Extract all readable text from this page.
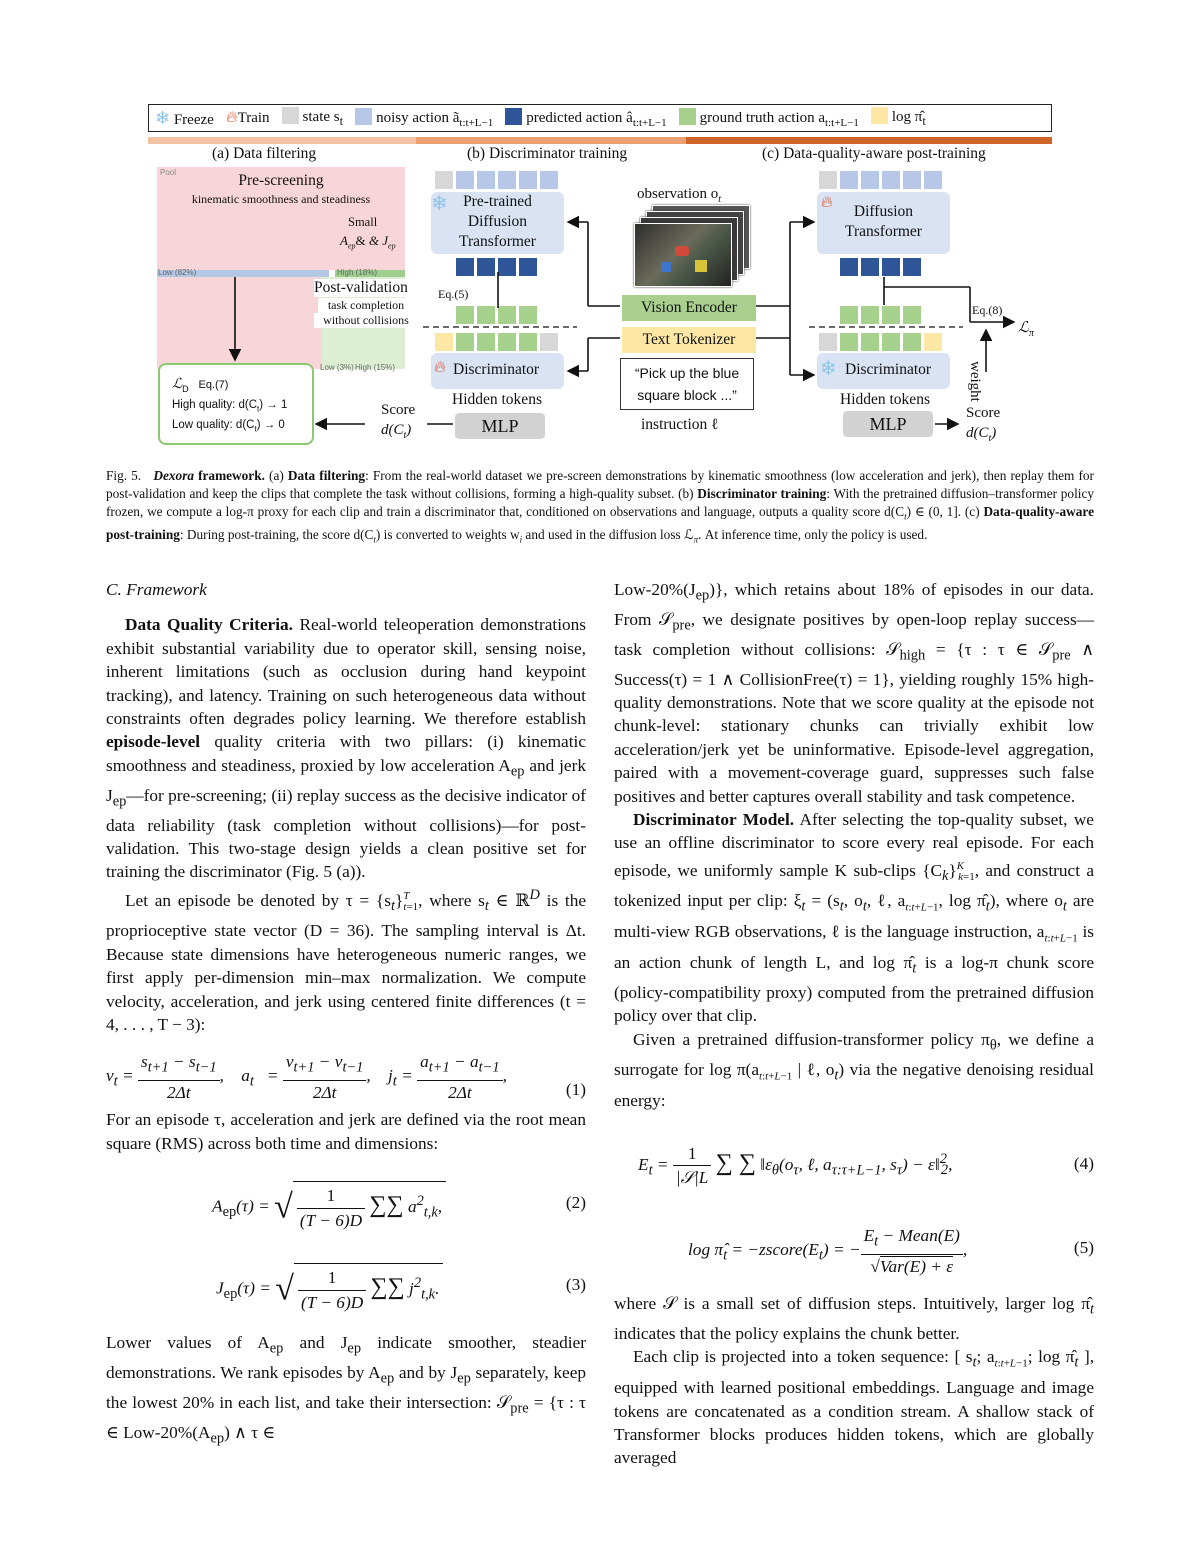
❄ Freeze 🔥︎Train	state $s_t$	noisy action $ã_{t:t+L-1}$	predicted action $â_{t:t+L-1}$	ground truth action $a_{t:t+L-1}$	$\log \pî_t$
(a) Data filtering	(b) Discriminator training	(c) Data-quality-aware post-training
Pool	Pre-screening
kinematic smoothness and steadiness
Small
$A_{ep}\&$ & $J_{ep}$
Low (82%)	High (18%)
Post-validation
task completion
without collisions
Low (3%) High (15%)
ℒ$_D$ Eq.(7)
High quality: $d(C_t) \to 1$
Low quality: $d(C_t) \to 0$
Score
$d(C_t)$
❄ Pre-trained
Diffusion
Transformer
🔥︎ Discriminator
Hidden tokens
MLP
Eq.(5)
observation $o_t$
Vision Encoder
Text Tokenizer
“Pick up the blue square block ...”
instruction ℓ
🔥︎
Diffusion
Transformer
❄ Discriminator
Hidden tokens
MLP
Eq.(8)
ℒ$_\pi$
weight
Score
$d(C_t)$
Fig. 5. Dexora framework. (a) Data filtering: From the real-world dataset we pre-screen demonstrations by kinematic smoothness (low acceleration and jerk), then replay them for post-validation and keep the clips that complete the task without collisions, forming a high-quality subset. (b) Discriminator training: With the pretrained diffusion–transformer policy frozen, we compute a log-π proxy for each clip and train a discriminator that, conditioned on observations and language, outputs a quality score $d(C_t)$ ∈ (0, 1]. (c) Data-quality-aware post-training: During post-training, the score $d(C_t)$ is converted to weights $w_i$ and used in the diffusion loss ℒ$_\pi$. At inference time, only the policy is used.
C. Framework

Data Quality Criteria. Real-world teleoperation demonstrations exhibit substantial variability due to operator skill, sensing noise, inherent limitations (such as occlusion during hand keypoint tracking), and latency. Training on such heterogeneous data without constraints often degrades policy learning. We therefore establish episode-level quality criteria with two pillars: (i) kinematic smoothness and steadiness, proxied by low acceleration $A_{ep}$ and jerk $J_{ep}—for$ pre-screening; (ii) replay success as the decisive indicator of data reliability (task completion without collisions)—for post-validation. This two-stage design yields a clean positive set for training the discriminator (Fig. 5 (a)).

Let an episode be denoted by $\tau = \{s_t\}^T_{t=1}$, where $s_t$ ∈ ℝ$^D$ is the proprioceptive state vector (D = 36). The sampling interval is Δt. Because state dimensions have heterogeneous numeric ranges, we first apply per-dimension min–max normalization. We compute velocity, acceleration, and jerk using centered finite differences (t = 4, . . . , T − 3):

$v_t = \frac{s_{t+1} - s_{t-1}}{2\Delta t}$ ,    $a_t = \frac{v_{t+1} - v_{t-1}}{2\Delta t}$ ,    $j_t = \frac{a_{t+1} - a_{t-1}}{2\Delta t}$ ,
(1)

For an episode τ, acceleration and jerk are defined via the root mean square (RMS) across both time and dimensions:

$A_{ep}(\tau)$ = √ $\frac{1}{(T - 6)D}$ ∑∑ $a^2_{t,k}$,	(2)
$J_{ep}(\tau)$ = √ $\frac{1}{(T - 6)D}$ ∑∑ $j^2_{t,k}$.	(3)

Lower values of $A_{ep}$ and $J_{ep}$ indicate smoother, steadier demonstrations. We rank episodes by $A_{ep}$ and by $J_{ep}$ separately, keep the lowest 20% in each list, and take their intersection: 𝒮$_{pre}$ = {τ : τ ∈ Low-$20\%(A_{ep})$ ∧ τ ∈

Low-$20\%(J_{ep})$}, which retains about 18% of episodes in our data. From 𝒮$_{pre}$, we designate positives by open-loop replay success—task completion without collisions: 𝒮$_{high}$ = {τ : τ ∈ 𝒮$_{pre}$ ∧ Success(τ) = 1 ∧ CollisionFree(τ) = 1}, yielding roughly 15% high-quality demonstrations. Note that we score quality at the episode not chunk-level: stationary chunks can trivially exhibit low acceleration/jerk yet be uninformative. Episode-level aggregation, paired with a movement-coverage guard, suppresses such false positives and better captures overall stability and task competence.

Discriminator Model. After selecting the top-quality subset, we use an offline discriminator to score every real episode. For each episode, we uniformly sample K sub-clips $\{C_k\}^K_{k=1}$, and construct a tokenized input per clip: $\xi_t = (s_t$, $o_t$, ℓ, $a_{t:t+L-1}$, $\log \pî_t$), where $o_t$ are multi-view RGB observations, ℓ is the language instruction, $a_{t:t+L-1}$ is an action chunk of length L, and $\log \pî_t$ is a log-π chunk score (policy-compatibility proxy) computed from the pretrained diffusion policy over that clip.

Given a pretrained diffusion-transformer policy $\pi_\theta$, we define a surrogate for $\log \pi(a_{t:t+L-1}$ | ℓ, $o_t$) via the negative denoising residual energy:

$E_t = \frac{1}{\text{|𝒮|L}}$ ∑ ∑ $‖\varepsilon_\theta(o_\tau$, ℓ, $a_{\tau:\tau+L-1}$, $s_\tau$) − ε‖$^2_2$,	(4)
$\log \pî_t$ = $-zscore(E_t)$ = − $\frac{E_t - Mean(E)}{\text{√Var(E) + ε}}$ ,	(5)

where 𝒮 is a small set of diffusion steps. Intuitively, larger $\log \pî_t$ indicates that the policy explains the chunk better.

Each clip is projected into a token sequence: [ $s_t$; $a_{t:t+L-1}$; $\log \pî_t$ ], equipped with learned positional embeddings. Language and image tokens are concatenated as a condition stream. A shallow stack of Transformer blocks produces hidden tokens, which are globally averaged
